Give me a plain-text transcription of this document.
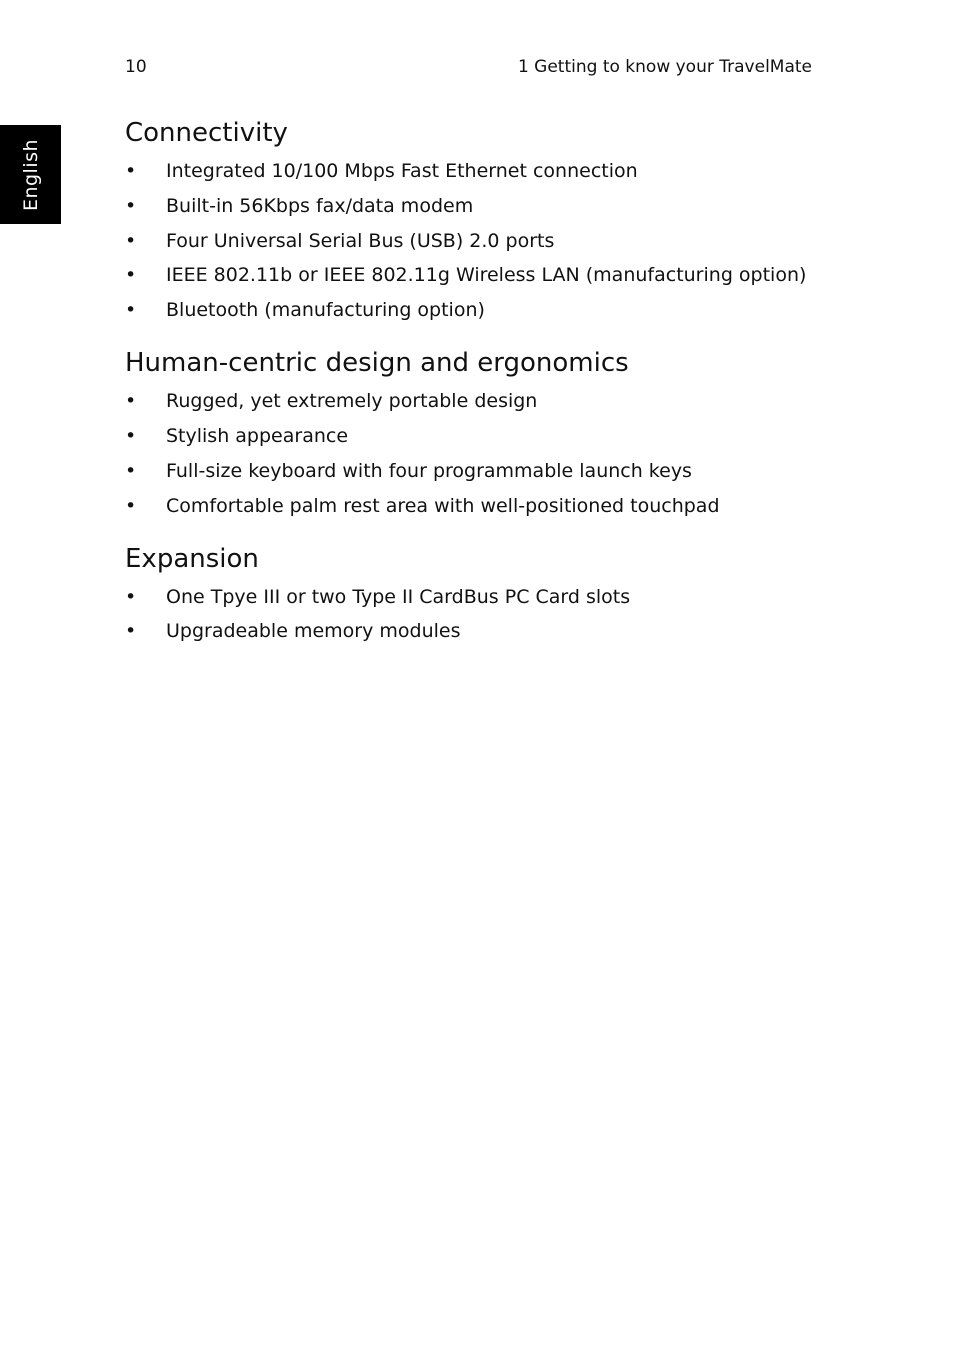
English
10	1 Getting to know your TravelMate
Connectivity
• Integrated 10/100 Mbps Fast Ethernet connection
• Built-in 56Kbps fax/data modem
• Four Universal Serial Bus (USB) 2.0 ports
• IEEE 802.11b or IEEE 802.11g Wireless LAN (manufacturing option)
• Bluetooth (manufacturing option)
Human-centric design and ergonomics
• Rugged, yet extremely portable design
• Stylish appearance
• Full-size keyboard with four programmable launch keys
• Comfortable palm rest area with well-positioned touchpad
Expansion
• One Tpye III or two Type II CardBus PC Card slots
• Upgradeable memory modules
